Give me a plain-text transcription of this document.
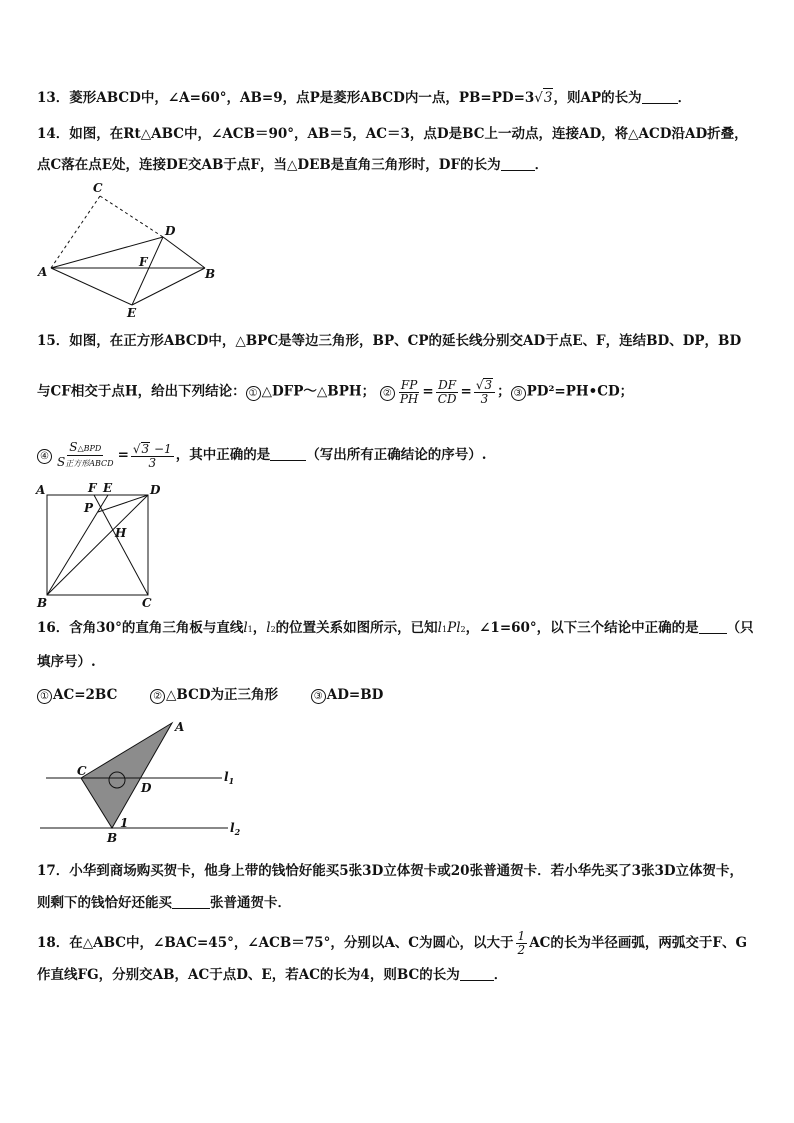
13．菱形ABCD中，∠A=60°，AB=9，点P是菱形ABCD内一点，PB=PD=3√3，则AP的长为	．
14．如图，在Rt△ABC中，∠ACB＝90°，AB＝5，AC＝3，点D是BC上一动点，连接AD，将△ACD沿AD折叠，
点C落在点E处，连接DE交AB于点F，当△DEB是直角三角形时，DF的长为	．
C
D
F
A	B
E
15．如图，在正方形ABCD中，△BPC是等边三角形，BP、CP的延长线分别交AD于点E、F，连结BD、DP，BD
与CF相交于点H，给出下列结论： ① △DFP～△BPH； ② $\frac{FP}{PH} = \frac{DF}{CD} = \frac{√3}{3}$ ； ③ PD²=PH•CD；
④ $\frac{\text{S△BPD}}{\text{S正方形ABCD}} = \frac{√3 -1}{3}$ ，其中正确的是	（写出所有正确结论的序号）.
A	F E	D
P
H
B	C
16．含角30°的直角三角板与直线l1，l2的位置关系如图所示，已知l1Pl2，∠1=60°，以下三个结论中正确的是 （只
填序号）.
① AC=2BC	② △BCD为正三角形	③ AD=BD
A
C
D
$l_1$
1
B
$l_2$
17．小华到商场购买贺卡，他身上带的钱恰好能买5张3D立体贺卡或20张普通贺卡．若小华先买了3张3D立体贺卡，
则剩下的钱恰好还能买	张普通贺卡．
18．在△ABC中，∠BAC=45°，∠ACB＝75°，分别以A、C为圆心，以大于 $\frac{1}{2}$ AC的长为半径画弧，两弧交于F、G
作直线FG，分别交AB，AC于点D、E，若AC的长为4，则BC的长为	．
